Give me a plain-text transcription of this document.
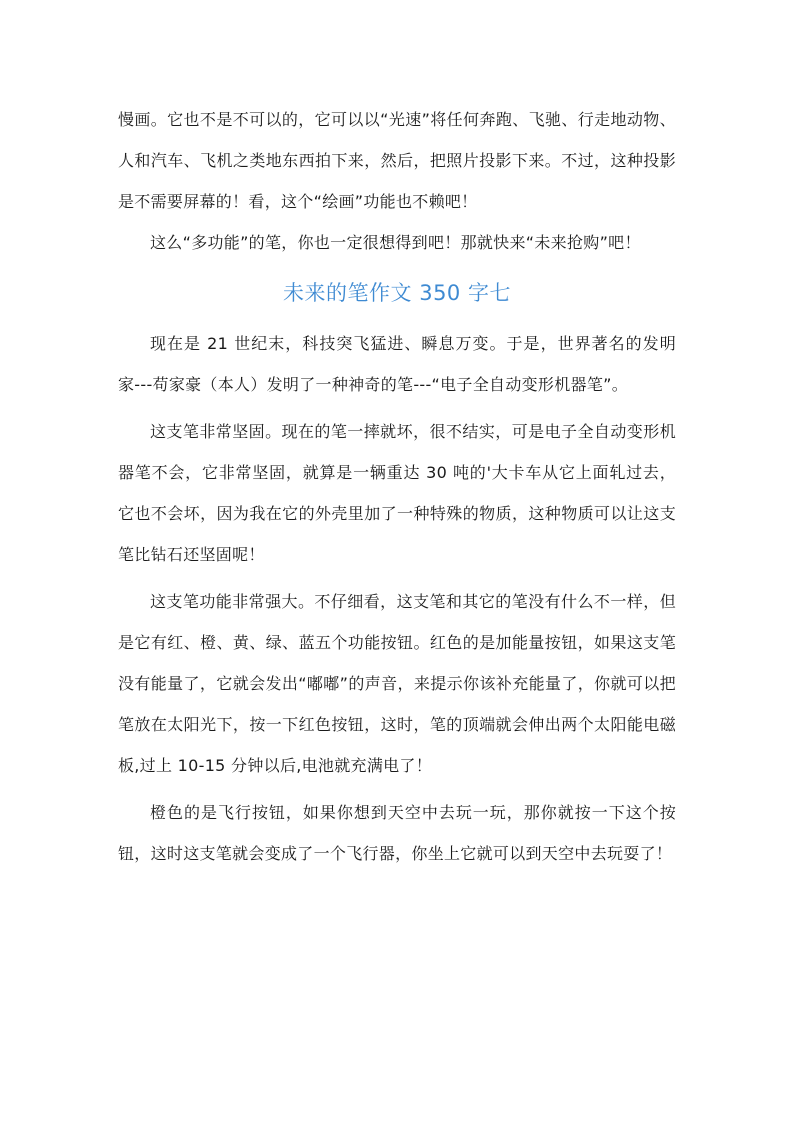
慢画。它也不是不可以的，它可以以“光速”将任何奔跑、飞驰、行走地动物、人和汽车、飞机之类地东西拍下来，然后，把照片投影下来。不过，这种投影是不需要屏幕的！看，这个“绘画”功能也不赖吧！

这么“多功能”的笔，你也一定很想得到吧！那就快来“未来抢购”吧！

未来的笔作文 350 字七

现在是 21 世纪末，科技突飞猛进、瞬息万变。于是，世界著名的发明家---苟家豪（本人）发明了一种神奇的笔---“电子全自动变形机器笔”。

这支笔非常坚固。现在的笔一摔就坏，很不结实，可是电子全自动变形机器笔不会，它非常坚固，就算是一辆重达 30 吨的'大卡车从它上面轧过去，它也不会坏，因为我在它的外壳里加了一种特殊的物质，这种物质可以让这支笔比钻石还坚固呢！

这支笔功能非常强大。不仔细看，这支笔和其它的笔没有什么不一样，但是它有红、橙、黄、绿、蓝五个功能按钮。红色的是加能量按钮，如果这支笔没有能量了，它就会发出“嘟嘟”的声音，来提示你该补充能量了，你就可以把笔放在太阳光下，按一下红色按钮，这时，笔的顶端就会伸出两个太阳能电磁板,过上 10-15 分钟以后,电池就充满电了！

橙色的是飞行按钮，如果你想到天空中去玩一玩，那你就按一下这个按钮，这时这支笔就会变成了一个飞行器，你坐上它就可以到天空中去玩耍了！
